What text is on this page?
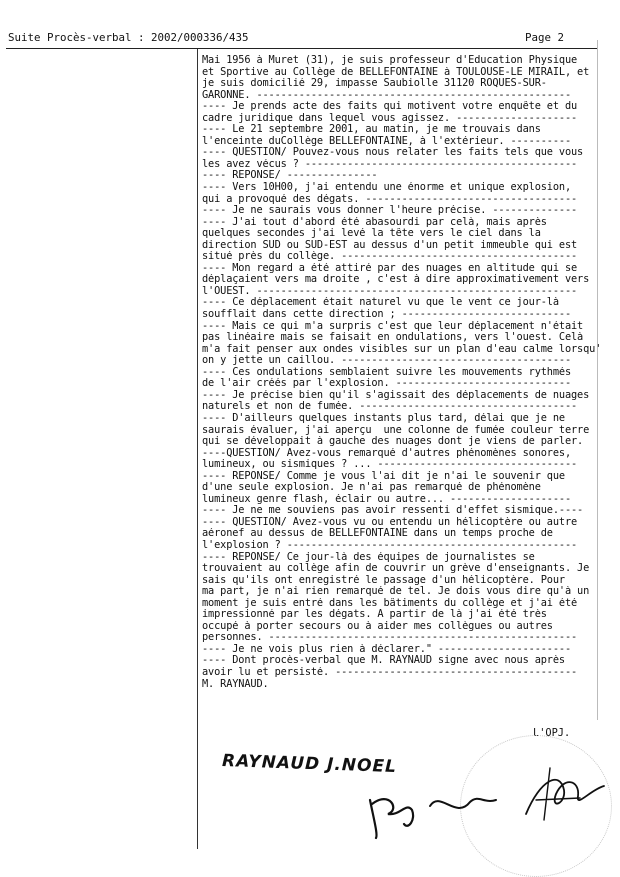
Suite Procès-verbal : 2002/000336/435	Page 2
Mai 1956 à Muret (31), je suis professeur d'Education Physique
et Sportive au Collège de BELLEFONTAINE à TOULOUSE-LE MIRAIL, et
je suis domicilié 29, impasse Saubiolle 31120 ROQUES-SUR-
GARONNE. ----------------------------------------------------
---- Je prends acte des faits qui motivent votre enquête et du
cadre juridique dans lequel vous agissez. --------------------
---- Le 21 septembre 2001, au matin, je me trouvais dans
l'enceinte duCollège BELLEFONTAINE, à l'extérieur. ----------
---- QUESTION/ Pouvez-vous nous relater les faits tels que vous
les avez vécus ? ---------------------------------------------
---- REPONSE/ ---------------
---- Vers 10H00, j'ai entendu une énorme et unique explosion,
qui a provoqué des dégats. -----------------------------------
---- Je ne saurais vous donner l'heure précise. --------------
---- J'ai tout d'abord été abasourdi par celà, mais après
quelques secondes j'ai levé la tête vers le ciel dans la
direction SUD ou SUD-EST au dessus d'un petit immeuble qui est
situé près du collège. ---------------------------------------
---- Mon regard a été attiré par des nuages en altitude qui se
déplaçaient vers ma droite , c'est à dire approximativement vers
l'OUEST. -----------------------------------------------------
---- Ce déplacement était naturel vu que le vent ce jour-là
soufflait dans cette direction ; ----------------------------
---- Mais ce qui m'a surpris c'est que leur déplacement n'était
pas linéaire mais se faisait en ondulations, vers l'ouest. Celà
m'a fait penser aux ondes visibles sur un plan d'eau calme lorsqu'
on y jette un caillou. --------------------------------------
---- Ces ondulations semblaient suivre les mouvements rythmés
de l'air créés par l'explosion. -----------------------------
---- Je précise bien qu'il s'agissait des déplacements de nuages
naturels et non de fumée. ------------------------------------
---- D'ailleurs quelques instants plus tard, délai que je ne
saurais évaluer, j'ai aperçu  une colonne de fumée couleur terre
qui se développait à gauche des nuages dont je viens de parler.
----QUESTION/ Avez-vous remarqué d'autres phénomènes sonores,
lumineux, ou sismiques ? ... ---------------------------------
---- REPONSE/ Comme je vous l'ai dit je n'ai le souvenir que
d'une seule explosion. Je n'ai pas remarqué de phénomène
lumineux genre flash, éclair ou autre... --------------------
---- Je ne me souviens pas avoir ressenti d'effet sismique.----
---- QUESTION/ Avez-vous vu ou entendu un hélicoptère ou autre
aéronef au dessus de BELLEFONTAINE dans un temps proche de
l'explosion ? ------------------------------------------------
---- REPONSE/ Ce jour-là des équipes de journalistes se
trouvaient au collège afin de couvrir un grève d'enseignants. Je
sais qu'ils ont enregistré le passage d'un hélicoptère. Pour
ma part, je n'ai rien remarqué de tel. Je dois vous dire qu'à un
moment je suis entré dans les bâtiments du collège et j'ai été
impressionné par les dégats. A partir de là j'ai été très
occupé à porter secours ou à aider mes collègues ou autres
personnes. ---------------------------------------------------
---- Je ne vois plus rien à déclarer." ----------------------
---- Dont procès-verbal que M. RAYNAUD signe avec nous après
avoir lu et persisté. ----------------------------------------
M. RAYNAUD.
L'OPJ.
RAYNAUD J.NOEL
